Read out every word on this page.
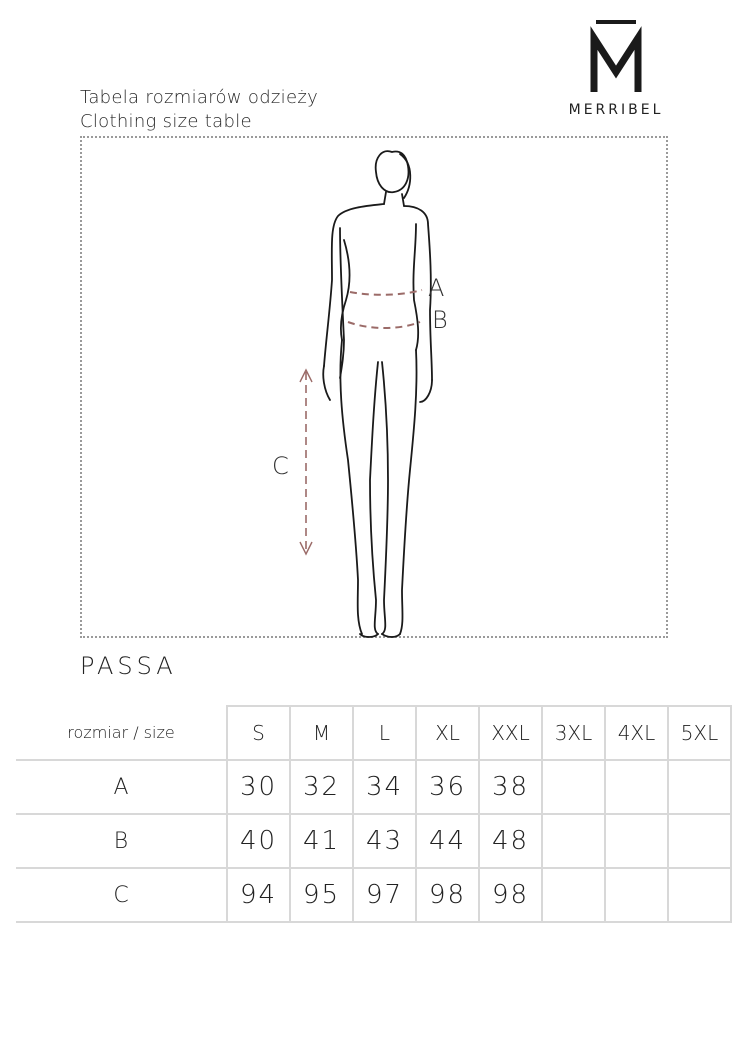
Tabela rozmiarów odzieży
Clothing size table
MERRIBEL
A
B
C
PASSA
rozmiar / size	S	M	L	XL	XXL	3XL	4XL	5XL
A	30	32	34	36	38			
B	40	41	43	44	48			
C	94	95	97	98	98			
